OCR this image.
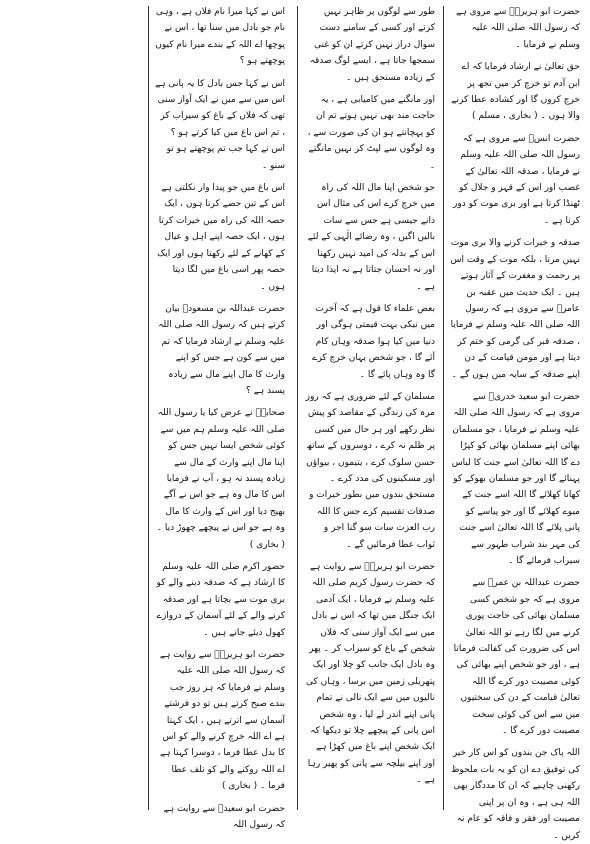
حضرت ابو ہریرہؓ سے مروی ہے کہ رسول اللہ صلی اللہ علیہ وسلم نے فرمایا ۔

حق تعالیٰ نے ارشاد فرمایا کہ اے ابن آدم تو خرچ کر میں تجھ پر خرچ کروں گا اور کشادہ عطا کرنے والا ہوں ۔ ( بخاری ، مسلم )

حضرت انسؓ سے مروی ہے کہ رسول اللہ صلی اللہ علیہ وسلم نے فرمایا ، صدقہ اللہ تعالیٰ کے غضب اور اس کے قہر و جلال کو ٹھنڈا کرتا ہے اور بری موت کو دور کرتا ہے ۔

صدقہ و خیرات کرنے والا بری موت نہیں مرتا ، بلکہ موت کے وقت اس پر رحمت و مغفرت کے آثار ہوتے ہیں ۔ ایک حدیث میں عقبہ بن عامرؓ سے مروی ہے کہ رسول اللہ صلی اللہ علیہ وسلم نے فرمایا ، صدقہ قبر کی گرمی کو ختم کر دیتا ہے اور مومن قیامت کے دن اپنے صدقہ کے سایہ میں ہوں گے ۔

حضرت ابو سعید خدریؓ سے مروی ہے کہ رسول اللہ صلی اللہ علیہ وسلم نے فرمایا ، جو مسلمان بھائی اپنے مسلمان بھائی کو کپڑا دے گا اللہ تعالیٰ اسے جنت کا لباس پہنائے گا اور جو مسلمان بھوکے کو کھانا کھلائے گا اللہ اسے جنت کے میوے کھلائے گا اور جو پیاسے کو پانی پلائے گا اللہ تعالیٰ اسے جنت کی مہر بند شراب طہور سے سیراب فرمائے گا ۔

حضرت عبداللہ بن عمرؓ سے مروی ہے کہ جو شخص کسی مسلمان بھائی کی حاجت پوری کرنے میں لگا رہے تو اللہ تعالیٰ اس کی ضرورت کی کفالت فرماتا ہے ، اور جو شخص اپنے بھائی کی کوئی مصیبت دور کرے گا اللہ تعالیٰ قیامت کے دن کی سختیوں میں سے اس کی کوئی سخت مصیبت دور کرے گا ۔

اللہ پاک جن بندوں کو اس کار خیر کی توفیق دے ان کو یہ بات ملحوظ رکھنی چاہیے کہ ان کا مددگار بھی اللہ ہی ہے ، وہ ان پر اپنی مصیبت اور فقر و فاقہ کو عام نہ کریں ۔

طور سے لوگوں پر ظاہر نہیں کرتے اور کسی کے سامنے دست سوال دراز نہیں کرتے ان کو غنی سمجھا جاتا ہے ، ایسے لوگ صدقہ کے زیادہ مستحق ہیں ۔

اور مانگنے میں کامیابی ہے ، یہ حاجت مند بھی نہیں ہوتے تم ان کو پہچانتے ہو ان کی صورت سے ، وہ لوگوں سے لپٹ کر نہیں مانگتے ۔

جو شخص اپنا مال اللہ کی راہ میں خرچ کرے اس کی مثال اس دانے جیسی ہے جس سے سات بالیں اگیں ، وہ رضائے الٰہی کے لئے اس کے بدلہ کی امید نہیں رکھتا اور نہ احسان جتاتا ہے نہ ایذا دیتا ہے ۔

بعض علماء کا قول ہے کہ آخرت میں نیکی بہت قیمتی ہوگی اور دنیا میں کیا ہوا صدقہ وہاں کام آئے گا ، جو شخص یہاں خرچ کرے گا وہ وہاں پائے گا ۔

مسلمان کے لئے ضروری ہے کہ روز مرہ کی زندگی کے مقاصد کو پیش نظر رکھے اور ہر حال میں کسی پر ظلم نہ کرے ، دوسروں کے ساتھ حسن سلوک کرے ، یتیموں ، بیواؤں اور مسکینوں کی مدد کرے ۔ مستحق بندوں میں بطور خیرات و صدقات تقسیم کرے جس کا اللہ رب العزت سات سو گنا اجر و ثواب عطا فرمائیں گے ۔

حضرت ابو ہریرہؓ سے روایت ہے کہ حضرت رسول کریم صلی اللہ علیہ وسلم نے فرمایا ، ایک آدمی ایک جنگل میں تھا کہ اس نے بادل میں سے ایک آواز سنی کہ فلاں شخص کے باغ کو سیراب کر ۔ پھر وہ بادل ایک جانب کو چلا اور ایک پتھریلی زمین میں برسا ، وہاں کی نالیوں میں سے ایک نالی نے تمام پانی اپنے اندر لے لیا ، وہ شخص اس پانی کے پیچھے چلا تو دیکھا کہ ایک شخص اپنے باغ میں کھڑا ہے اور اپنے بیلچہ سے پانی کو پھیر رہا ہے ۔

اس نے کہا میرا نام فلاں ہے ، وہی نام جو بادل میں سنا تھا ، اس نے پوچھا اے اللہ کے بندے میرا نام کیوں پوچھتے ہو ؟

اس نے کہا جس بادل کا یہ پانی ہے اس میں سے میں نے ایک آواز سنی تھی کہ فلاں کے باغ کو سیراب کر ، تم اس باغ میں کیا کرتے ہو ؟ اس نے کہا جب تم پوچھتے ہو تو سنو ۔

اس باغ میں جو پیدا وار نکلتی ہے اس کے تین حصے کرتا ہوں ، ایک حصہ اللہ کی راہ میں خیرات کرتا ہوں ، ایک حصہ اپنے اہل و عیال کے کھانے کے لئے رکھتا ہوں اور ایک حصہ پھر اسی باغ میں لگا دیتا ہوں ۔

حضرت عبداللہ بن مسعودؓ بیان کرتے ہیں کہ رسول اللہ صلی اللہ علیہ وسلم نے ارشاد فرمایا کہ تم میں سے کون ہے جس کو اپنے وارث کا مال اپنے مال سے زیادہ پسند ہے ؟

صحابہؓ نے عرض کیا یا رسول اللہ صلی اللہ علیہ وسلم ہم میں سے کوئی شخص ایسا نہیں جس کو اپنا مال اپنے وارث کے مال سے زیادہ پسند نہ ہو ، آپ نے فرمایا اس کا مال وہ ہے جو اس نے آگے بھیج دیا اور اس کے وارث کا مال وہ ہے جو اس نے پیچھے چھوڑ دیا ۔ ( بخاری )

حضور اکرم صلی اللہ علیہ وسلم کا ارشاد ہے کہ صدقہ دینے والے کو بری موت سے بچاتا ہے اور صدقہ کرنے والے کے لئے آسمان کے دروازے کھول دیئے جاتے ہیں ۔

حضرت ابو ہریرہؓ سے روایت ہے کہ رسول اللہ صلی اللہ علیہ وسلم نے فرمایا کہ ہر روز جب بندے صبح کرتے ہیں تو دو فرشتے آسمان سے اترتے ہیں ، ایک کہتا ہے اے اللہ خرچ کرنے والے کو اس کا بدل عطا فرما ، دوسرا کہتا ہے اے اللہ روکنے والے کو تلف عطا فرما ۔ ( بخاری )

حضرت ابو سعیدؓ سے روایت ہے کہ رسول اللہ
